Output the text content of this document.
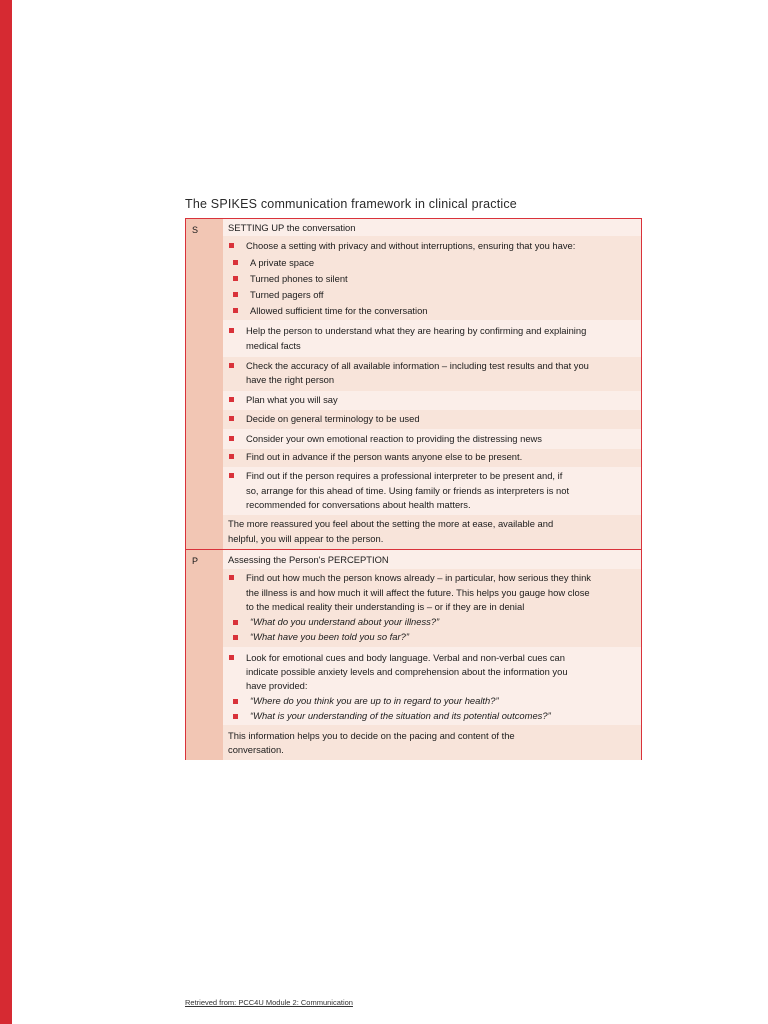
The SPIKES communication framework in clinical practice
S
P
SETTING UP the conversation
Choose a setting with privacy and without interruptions, ensuring that you have:
A private space
Turned phones to silent
Turned pagers off
Allowed sufficient time for the conversation
Help the person to understand what they are hearing by confirming and explaining
medical facts
Check the accuracy of all available information – including test results and that you
have the right person
Plan what you will say
Decide on general terminology to be used
Consider your own emotional reaction to providing the distressing news
Find out in advance if the person wants anyone else to be present.
Find out if the person requires a professional interpreter to be present and, if
so, arrange for this ahead of time. Using family or friends as interpreters is not
recommended for conversations about health matters.
The more reassured you feel about the setting the more at ease, available and
helpful, you will appear to the person.
Assessing the Person's PERCEPTION
Find out how much the person knows already – in particular, how serious they think
the illness is and how much it will affect the future. This helps you gauge how close
to the medical reality their understanding is – or if they are in denial
“What do you understand about your illness?”
“What have you been told you so far?”
Look for emotional cues and body language. Verbal and non-verbal cues can
indicate possible anxiety levels and comprehension about the information you
have provided:
“Where do you think you are up to in regard to your health?”
“What is your understanding of the situation and its potential outcomes?”
This information helps you to decide on the pacing and content of the
conversation.
Retrieved from: PCC4U Module 2: Communication
